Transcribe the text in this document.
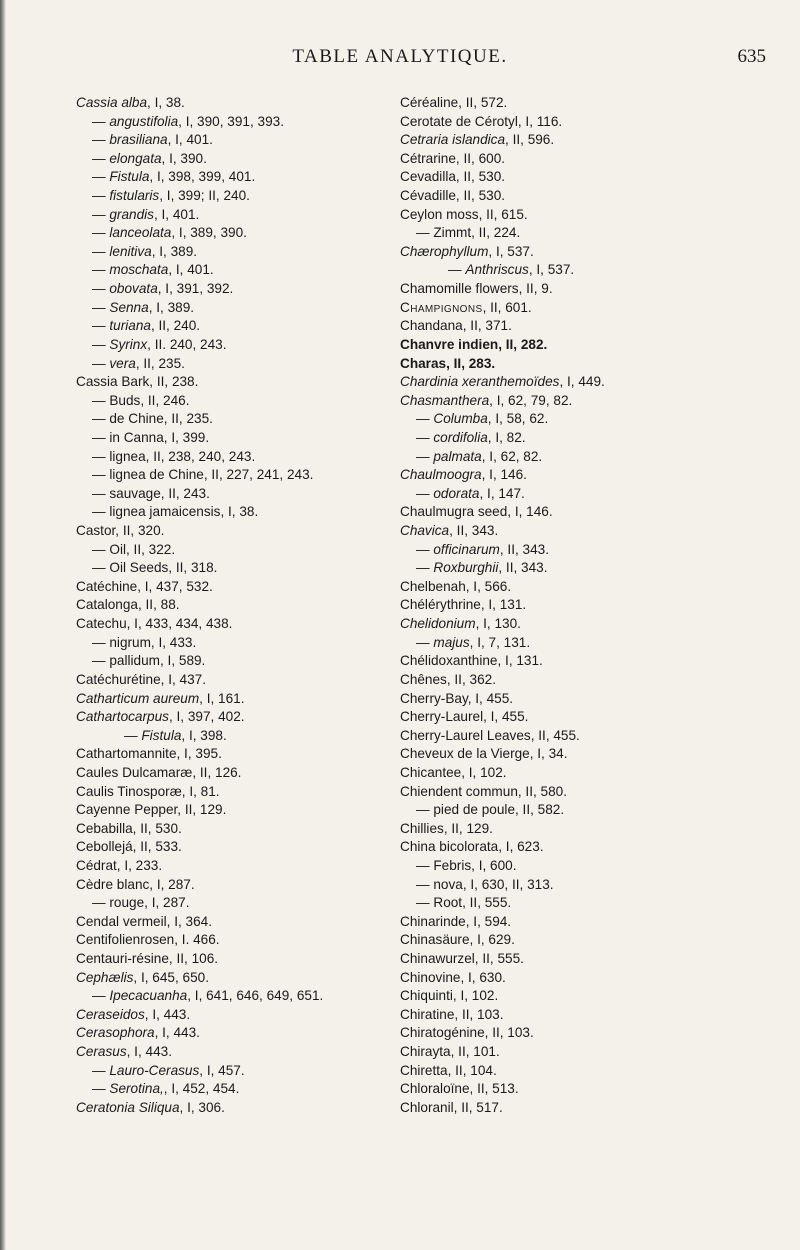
TABLE ANALYTIQUE.	635
Cassia alba, I, 38.
— angustifolia, I, 390, 391, 393.
— brasiliana, I, 401.
— elongata, I, 390.
— Fistula, I, 398, 399, 401.
— fistularis, I, 399; II, 240.
— grandis, I, 401.
— lanceolata, I, 389, 390.
— lenitiva, I, 389.
— moschata, I, 401.
— obovata, I, 391, 392.
— Senna, I, 389.
— turiana, II, 240.
— Syrinx, II. 240, 243.
— vera, II, 235.
Cassia Bark, II, 238.
— Buds, II, 246.
— de Chine, II, 235.
— in Canna, I, 399.
— lignea, II, 238, 240, 243.
— lignea de Chine, II, 227, 241, 243.
— sauvage, II, 243.
— lignea jamaicensis, I, 38.
Castor, II, 320.
— Oil, II, 322.
— Oil Seeds, II, 318.
Catéchine, I, 437, 532.
Catalonga, II, 88.
Catechu, I, 433, 434, 438.
— nigrum, I, 433.
— pallidum, I, 589.
Catéchurétine, I, 437.
Catharticum aureum, I, 161.
Cathartocarpus, I, 397, 402.
— Fistula, I, 398.
Cathartomannite, I, 395.
Caules Dulcamaræ, II, 126.
Caulis Tinosporæ, I, 81.
Cayenne Pepper, II, 129.
Cebabilla, II, 530.
Cebollejá, II, 533.
Cédrat, I, 233.
Cèdre blanc, I, 287.
— rouge, I, 287.
Cendal vermeil, I, 364.
Centifolienrosen, I. 466.
Centauri-résine, II, 106.
Cephælis, I, 645, 650.
— Ipecacuanha, I, 641, 646, 649, 651.
Ceraseidos, I, 443.
Cerasophora, I, 443.
Cerasus, I, 443.
— Lauro-Cerasus, I, 457.
— Serotina,, I, 452, 454.
Ceratonia Siliqua, I, 306.
Céréaline, II, 572.
Cerotate de Cérotyl, I, 116.
Cetraria islandica, II, 596.
Cétrarine, II, 600.
Cevadilla, II, 530.
Cévadille, II, 530.
Ceylon moss, II, 615.
— Zimmt, II, 224.
Chærophyllum, I, 537.
— Anthriscus, I, 537.
Chamomille flowers, II, 9.
Champignons, II, 601.
Chandana, II, 371.
Chanvre indien, II, 282.
Charas, II, 283.
Chardinia xeranthemoïdes, I, 449.
Chasmanthera, I, 62, 79, 82.
— Columba, I, 58, 62.
— cordifolia, I, 82.
— palmata, I, 62, 82.
Chaulmoogra, I, 146.
— odorata, I, 147.
Chaulmugra seed, I, 146.
Chavica, II, 343.
— officinarum, II, 343.
— Roxburghii, II, 343.
Chelbenah, I, 566.
Chélérythrine, I, 131.
Chelidonium, I, 130.
— majus, I, 7, 131.
Chélidoxanthine, I, 131.
Chênes, II, 362.
Cherry-Bay, I, 455.
Cherry-Laurel, I, 455.
Cherry-Laurel Leaves, II, 455.
Cheveux de la Vierge, I, 34.
Chicantee, I, 102.
Chiendent commun, II, 580.
— pied de poule, II, 582.
Chillies, II, 129.
China bicolorata, I, 623.
— Febris, I, 600.
— nova, I, 630, II, 313.
— Root, II, 555.
Chinarinde, I, 594.
Chinasäure, I, 629.
Chinawurzel, II, 555.
Chinovine, I, 630.
Chiquinti, I, 102.
Chiratine, II, 103.
Chiratogénine, II, 103.
Chirayta, II, 101.
Chiretta, II, 104.
Chloraloïne, II, 513.
Chloranil, II, 517.
